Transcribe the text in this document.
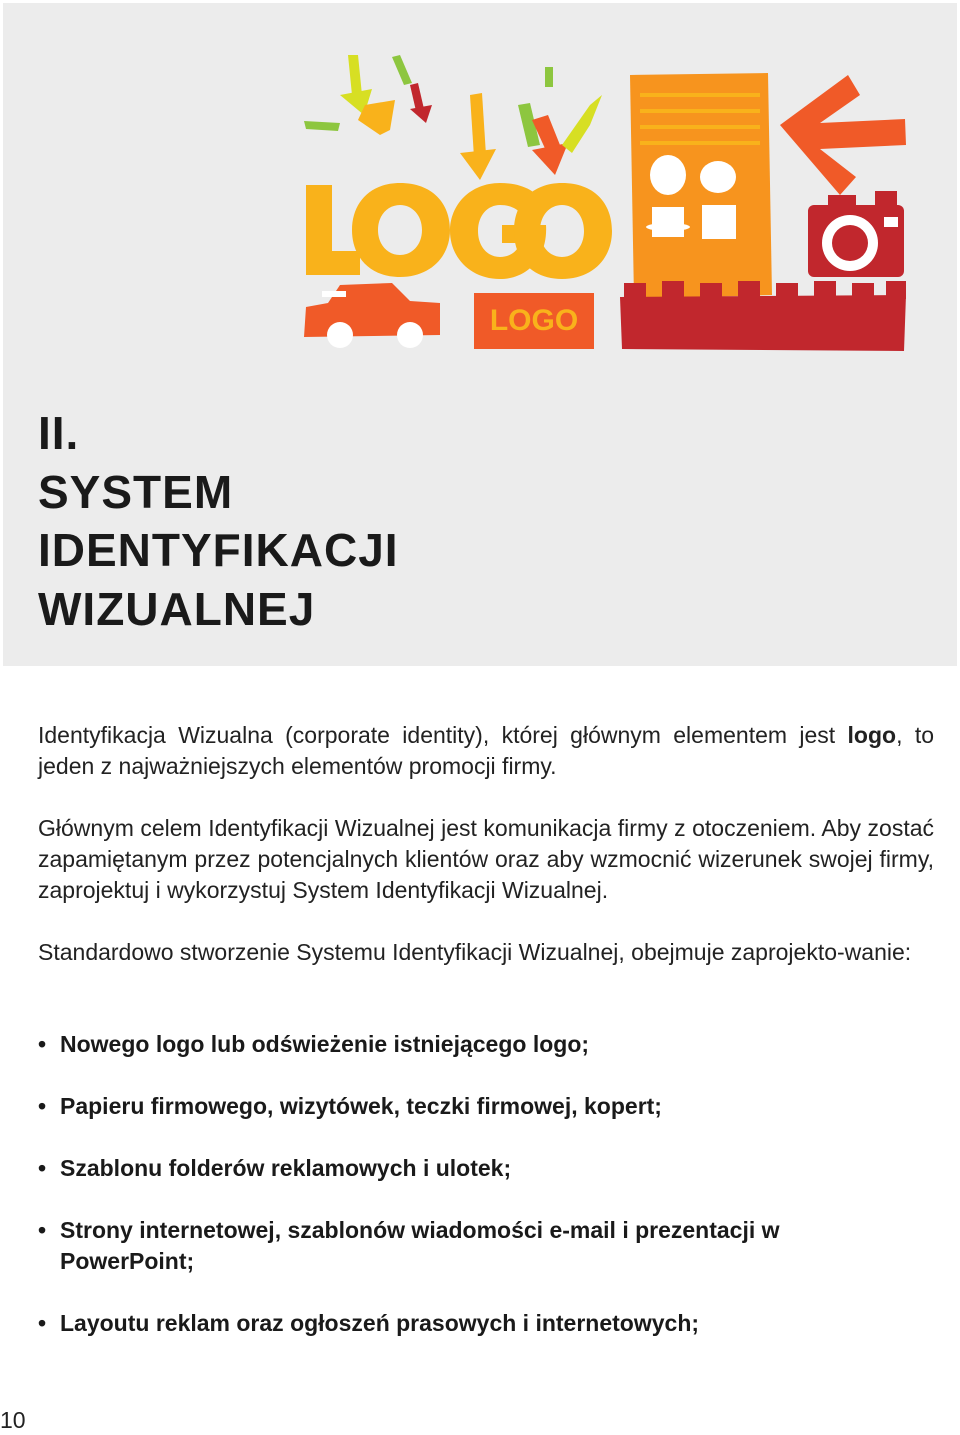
LOGO
II.
SYSTEM
IDENTYFIKACJI
WIZUALNEJ

Identyfikacja Wizualna (corporate identity), której głównym elementem jest logo, to jeden z najważniejszych elementów promocji firmy.

Głównym celem Identyfikacji Wizualnej jest komunikacja firmy z otoczeniem. Aby zostać zapamiętanym przez potencjalnych klientów oraz aby wzmocnić wizerunek swojej firmy, zaprojektuj i wykorzystuj System Identyfikacji Wizualnej.

Standardowo stworzenie Systemu Identyfikacji Wizualnej, obejmuje zaprojekto-wanie:

• Nowego logo lub odświeżenie istniejącego logo;
• Papieru firmowego, wizytówek, teczki firmowej, kopert;
• Szablonu folderów reklamowych i ulotek;
• Strony internetowej, szablonów wiadomości e-mail i prezentacji w PowerPoint;
• Layoutu reklam oraz ogłoszeń prasowych i internetowych;
10
